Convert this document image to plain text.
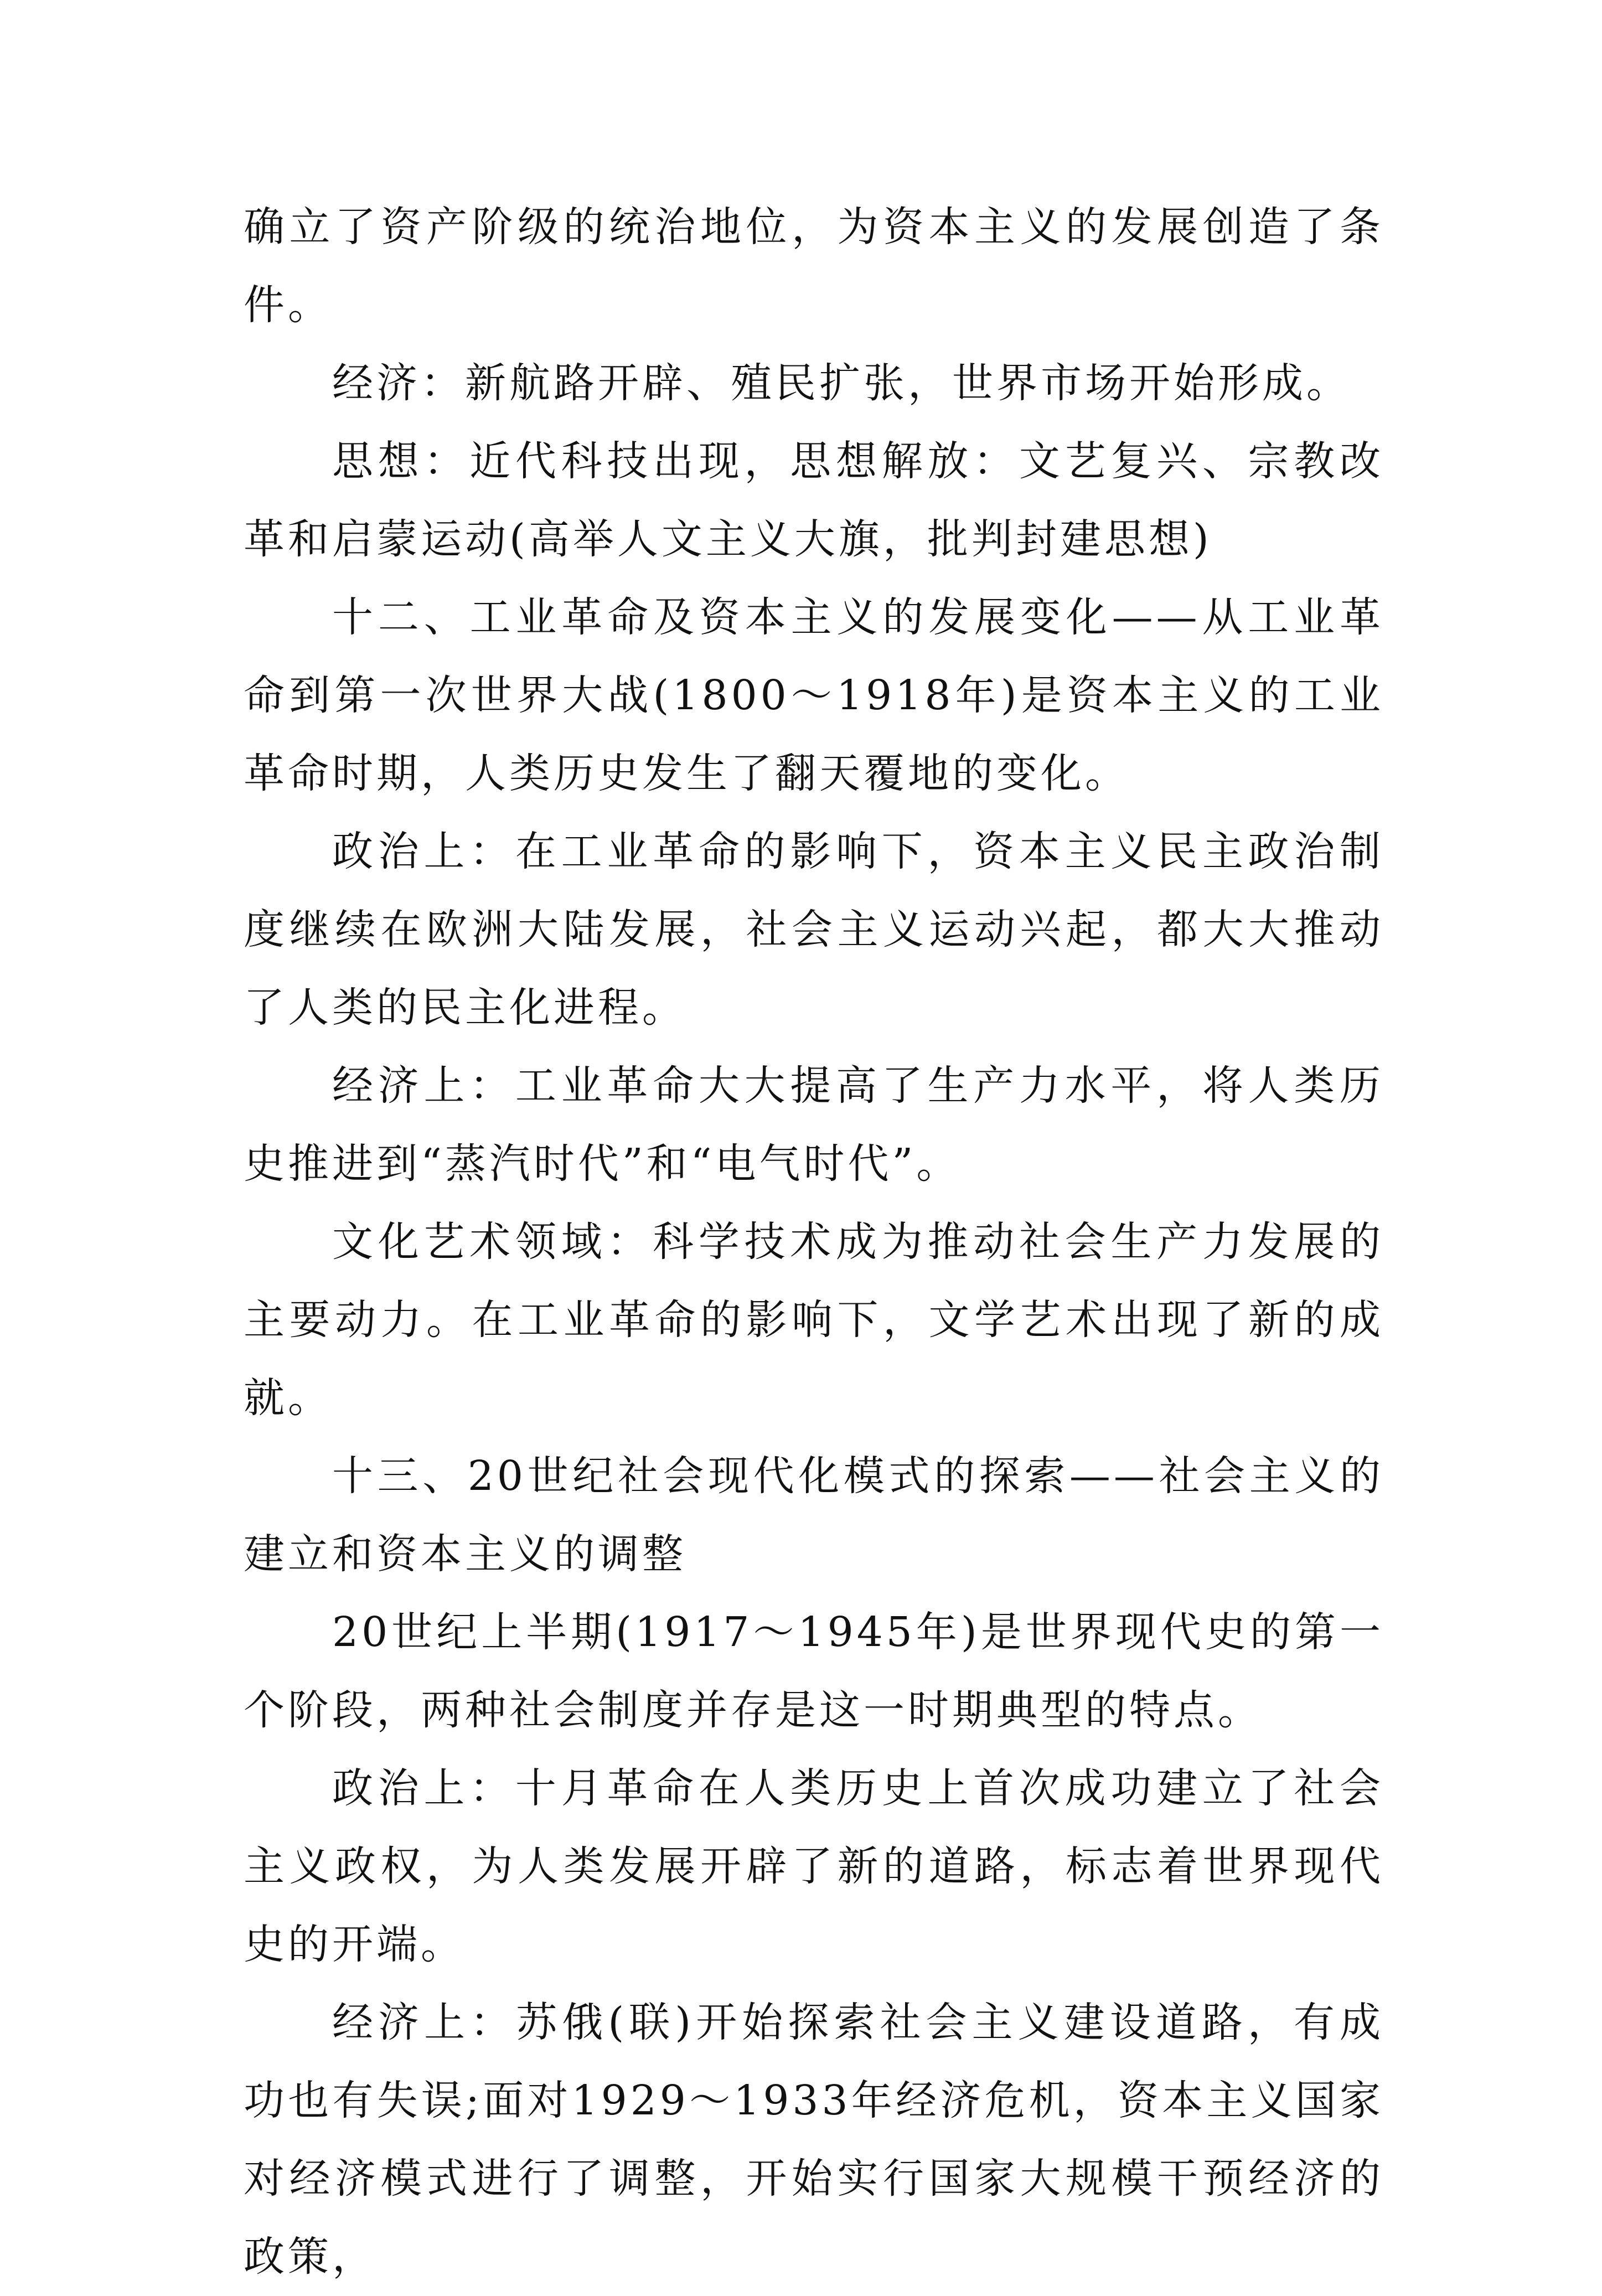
确立了资产阶级的统治地位，为资本主义的发展创造了条件。

经济：新航路开辟、殖民扩张，世界市场开始形成。

思想：近代科技出现，思想解放：文艺复兴、宗教改革和启蒙运动(高举人文主义大旗，批判封建思想)

十二、工业革命及资本主义的发展变化——从工业革命到第一次世界大战(1800～1918年)是资本主义的工业革命时期，人类历史发生了翻天覆地的变化。

政治上：在工业革命的影响下，资本主义民主政治制度继续在欧洲大陆发展，社会主义运动兴起，都大大推动了人类的民主化进程。

经济上：工业革命大大提高了生产力水平，将人类历史推进到“蒸汽时代”和“电气时代”。

文化艺术领域：科学技术成为推动社会生产力发展的主要动力。在工业革命的影响下，文学艺术出现了新的成就。

十三、20世纪社会现代化模式的探索——社会主义的建立和资本主义的调整

20世纪上半期(1917～1945年)是世界现代史的第一个阶段，两种社会制度并存是这一时期典型的特点。

政治上：十月革命在人类历史上首次成功建立了社会主义政权，为人类发展开辟了新的道路，标志着世界现代史的开端。

经济上：苏俄(联)开始探索社会主义建设道路，有成功也有失误;面对1929～1933年经济危机，资本主义国家对经济模式进行了调整，开始实行国家大规模干预经济的政策，
